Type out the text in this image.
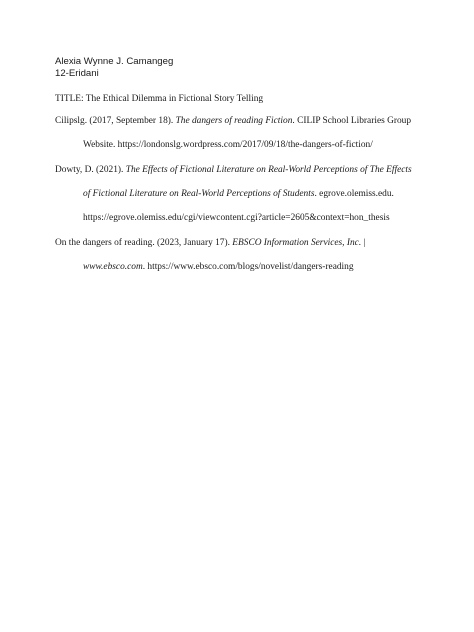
Alexia Wynne J. Camangeg
12-Eridani
TITLE: The Ethical Dilemma in Fictional Story Telling
Cilipslg. (2017, September 18). The dangers of reading Fiction. CILIP School Libraries Group
Website. https://londonslg.wordpress.com/2017/09/18/the-dangers-of-fiction/
Dowty, D. (2021). The Effects of Fictional Literature on Real-World Perceptions of The Effects
of Fictional Literature on Real-World Perceptions of Students. egrove.olemiss.edu.
https://egrove.olemiss.edu/cgi/viewcontent.cgi?article=2605&context=hon_thesis
On the dangers of reading. (2023, January 17). EBSCO Information Services, Inc. |
www.ebsco.com. https://www.ebsco.com/blogs/novelist/dangers-reading
